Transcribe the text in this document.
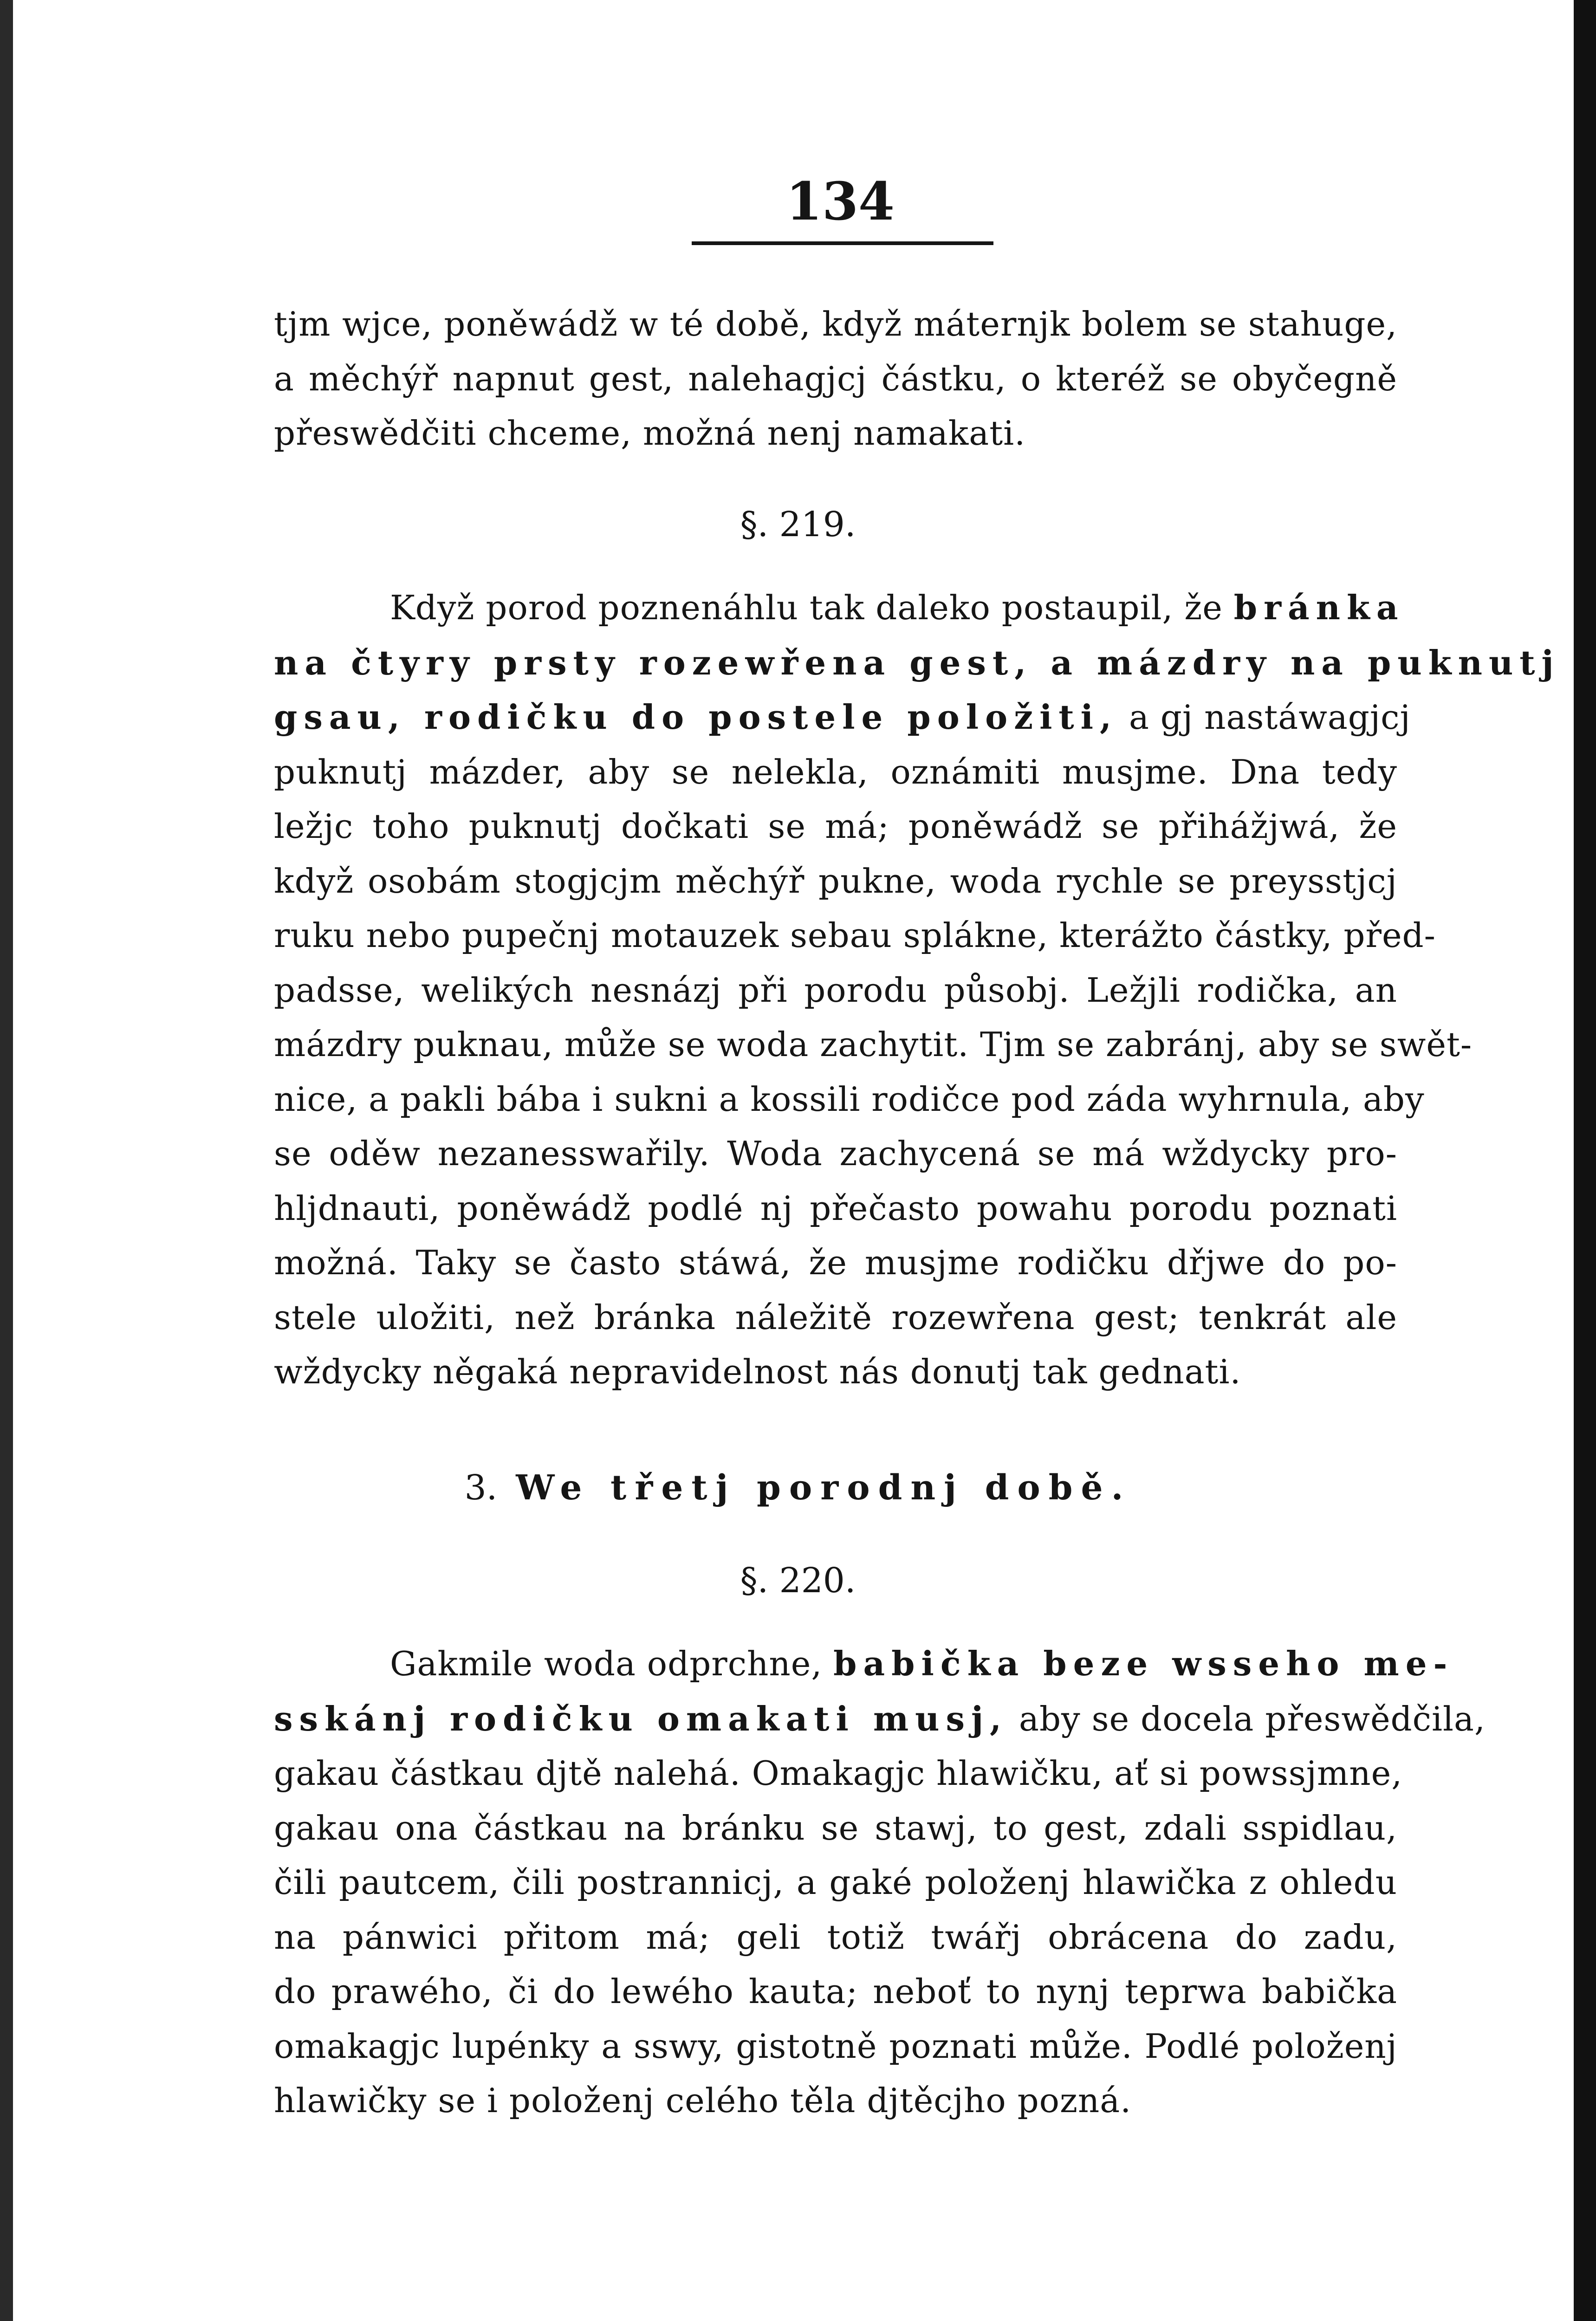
134
tjm wjce, poněwádž w té době, když máternjk bolem se stahuge,
a měchýř napnut gest, nalehagjcj částku, o kteréž se obyčegně
přeswědčiti chceme, možná nenj namakati.
§. 219.
Když porod poznenáhlu tak daleko postaupil, že bránka
na čtyry prsty rozewřena gest, a mázdry na puknutj
gsau, rodičku do postele položiti, a gj nastáwagjcj
puknutj mázder, aby se nelekla, oznámiti musjme. Dna tedy
ležjc toho puknutj dočkati se má; poněwádž se přihážjwá, že
když osobám stogjcjm měchýř pukne, woda rychle se preysstjcj
ruku nebo pupečnj motauzek sebau splákne, kterážto částky, před-
padsse, welikých nesnázj při porodu působj. Ležjli rodička, an
mázdry puknau, může se woda zachytit. Tjm se zabránj, aby se swět-
nice, a pakli bába i sukni a kossili rodičce pod záda wyhrnula, aby
se oděw nezanesswařily. Woda zachycená se má wždycky pro-
hljdnauti, poněwádž podlé nj přečasto powahu porodu poznati
možná. Taky se často stáwá, že musjme rodičku dřjwe do po-
stele uložiti, než bránka náležitě rozewřena gest; tenkrát ale
wždycky něgaká nepravidelnost nás donutj tak gednati.
3. We třetj porodnj době.
§. 220.
Gakmile woda odprchne, babička beze wsseho me-
sskánj rodičku omakati musj, aby se docela přeswědčila,
gakau částkau djtě nalehá. Omakagjc hlawičku, ať si powssjmne,
gakau ona částkau na bránku se stawj, to gest, zdali sspidlau,
čili pautcem, čili postrannicj, a gaké položenj hlawička z ohledu
na pánwici přitom má; geli totiž twářj obrácena do zadu,
do prawého, či do lewého kauta; neboť to nynj teprwa babička
omakagjc lupénky a sswy, gistotně poznati může. Podlé položenj
hlawičky se i položenj celého těla djtěcjho pozná.
